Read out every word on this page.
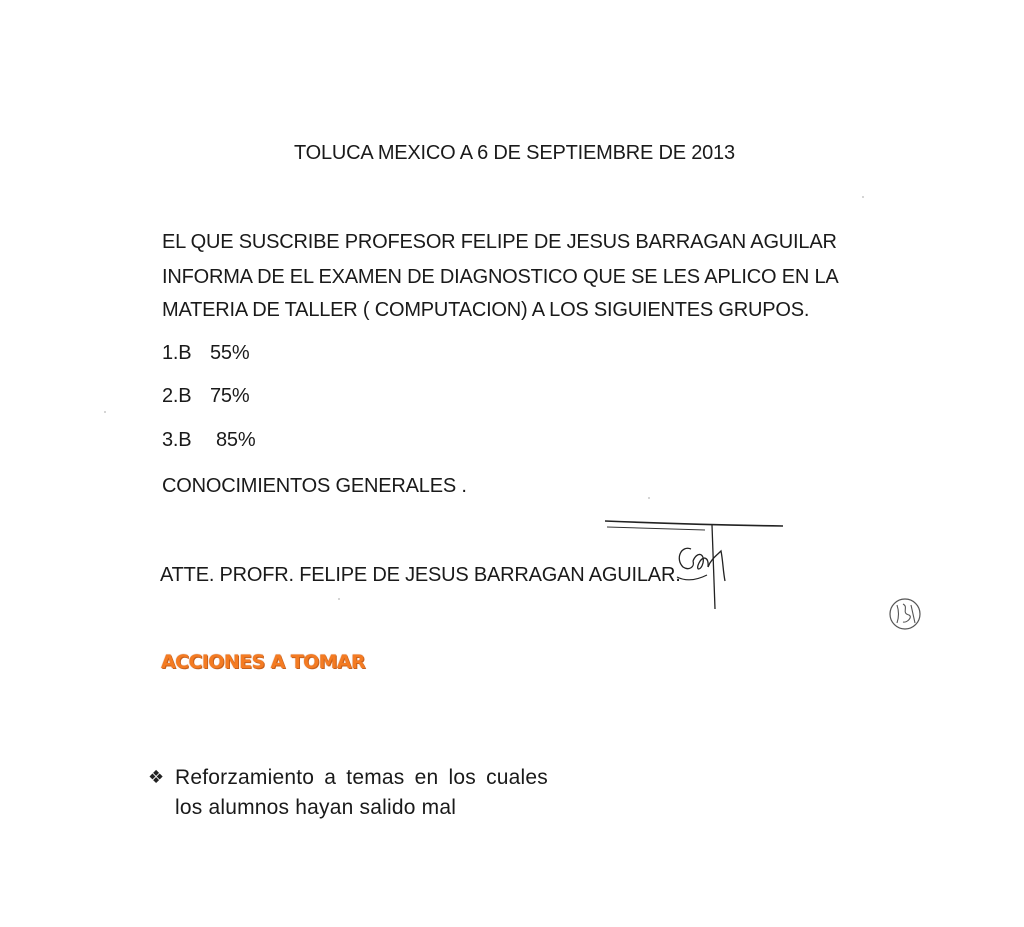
TOLUCA MEXICO A 6 DE SEPTIEMBRE DE 2013
EL QUE SUSCRIBE PROFESOR FELIPE DE JESUS BARRAGAN AGUILAR
INFORMA DE EL EXAMEN DE DIAGNOSTICO QUE SE LES APLICO EN LA
MATERIA DE TALLER ( COMPUTACION) A LOS SIGUIENTES GRUPOS.
1.B 55%
2.B 75%
3.B 85%
CONOCIMIENTOS GENERALES .
ATTE. PROFR. FELIPE DE JESUS BARRAGAN AGUILAR.
ACCIONES A TOMAR
❖ Reforzamiento a temas en los cuales los alumnos hayan salido mal
